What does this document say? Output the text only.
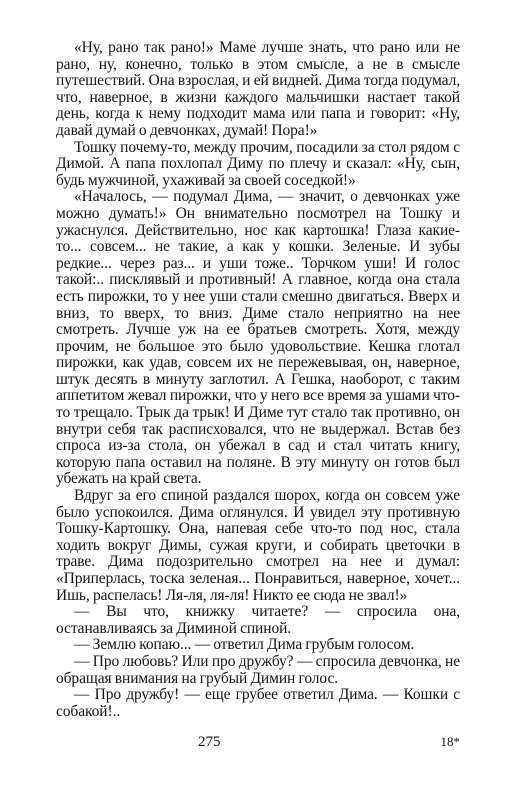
«Ну, рано так рано!» Маме лучше знать, что рано или не рано, ну, конечно, только в этом смысле, а не в смысле путешествий. Она взрослая, и ей видней. Дима тогда подумал, что, наверное, в жизни каждого мальчишки настает такой день, когда к нему подходит мама или папа и говорит: «Ну, давай думай о девчонках, думай! Пора!»

Тошку почему-то, между прочим, посадили за стол рядом с Димой. А папа похлопал Диму по плечу и сказал: «Ну, сын, будь мужчиной, ухаживай за своей соседкой!»

«Началось, — подумал Дима, — значит, о девчонках уже можно думать!» Он внимательно посмотрел на Тошку и ужаснулся. Действительно, нос как картошка! Глаза какие-то... совсем... не такие, а как у кошки. Зеленые. И зубы редкие... через раз... и уши тоже.. Торчком уши! И голос такой:.. писклявый и противный! А главное, когда она стала есть пирожки, то у нее уши стали смешно двигаться. Вверх и вниз, то вверх, то вниз. Диме стало неприятно на нее смотреть. Лучше уж на ее братьев смотреть. Хотя, между прочим, не большое это было удовольствие. Кешка глотал пирожки, как удав, совсем их не пережевывая, он, наверное, штук десять в минуту заглотил. А Гешка, наоборот, с таким аппетитом жевал пирожки, что у него все время за ушами что-то трещало. Трык да трык! И Диме тут стало так противно, он внутри себя так расписховался, что не выдержал. Встав без спроса из-за стола, он убежал в сад и стал читать книгу, которую папа оставил на поляне. В эту минуту он готов был убежать на край света.

Вдруг за его спиной раздался шорох, когда он совсем уже было успокоился. Дима оглянулся. И увидел эту противную Тошку-Картошку. Она, напевая себе что-то под нос, стала ходить вокруг Димы, сужая круги, и собирать цветочки в траве. Дима подозрительно смотрел на нее и думал: «Приперлась, тоска зеленая... Понравиться, наверное, хочет... Ишь, распелась! Ля-ля, ля-ля! Никто ее сюда не звал!»

— Вы что, книжку читаете? — спросила она, останавливаясь за Диминой спиной.

— Землю копаю... — ответил Дима грубым голосом.

— Про любовь? Или про дружбу? — спросила девчонка, не обращая внимания на грубый Димин голос.

— Про дружбу! — еще грубее ответил Дима. — Кошки с собакой!..

275	18*
